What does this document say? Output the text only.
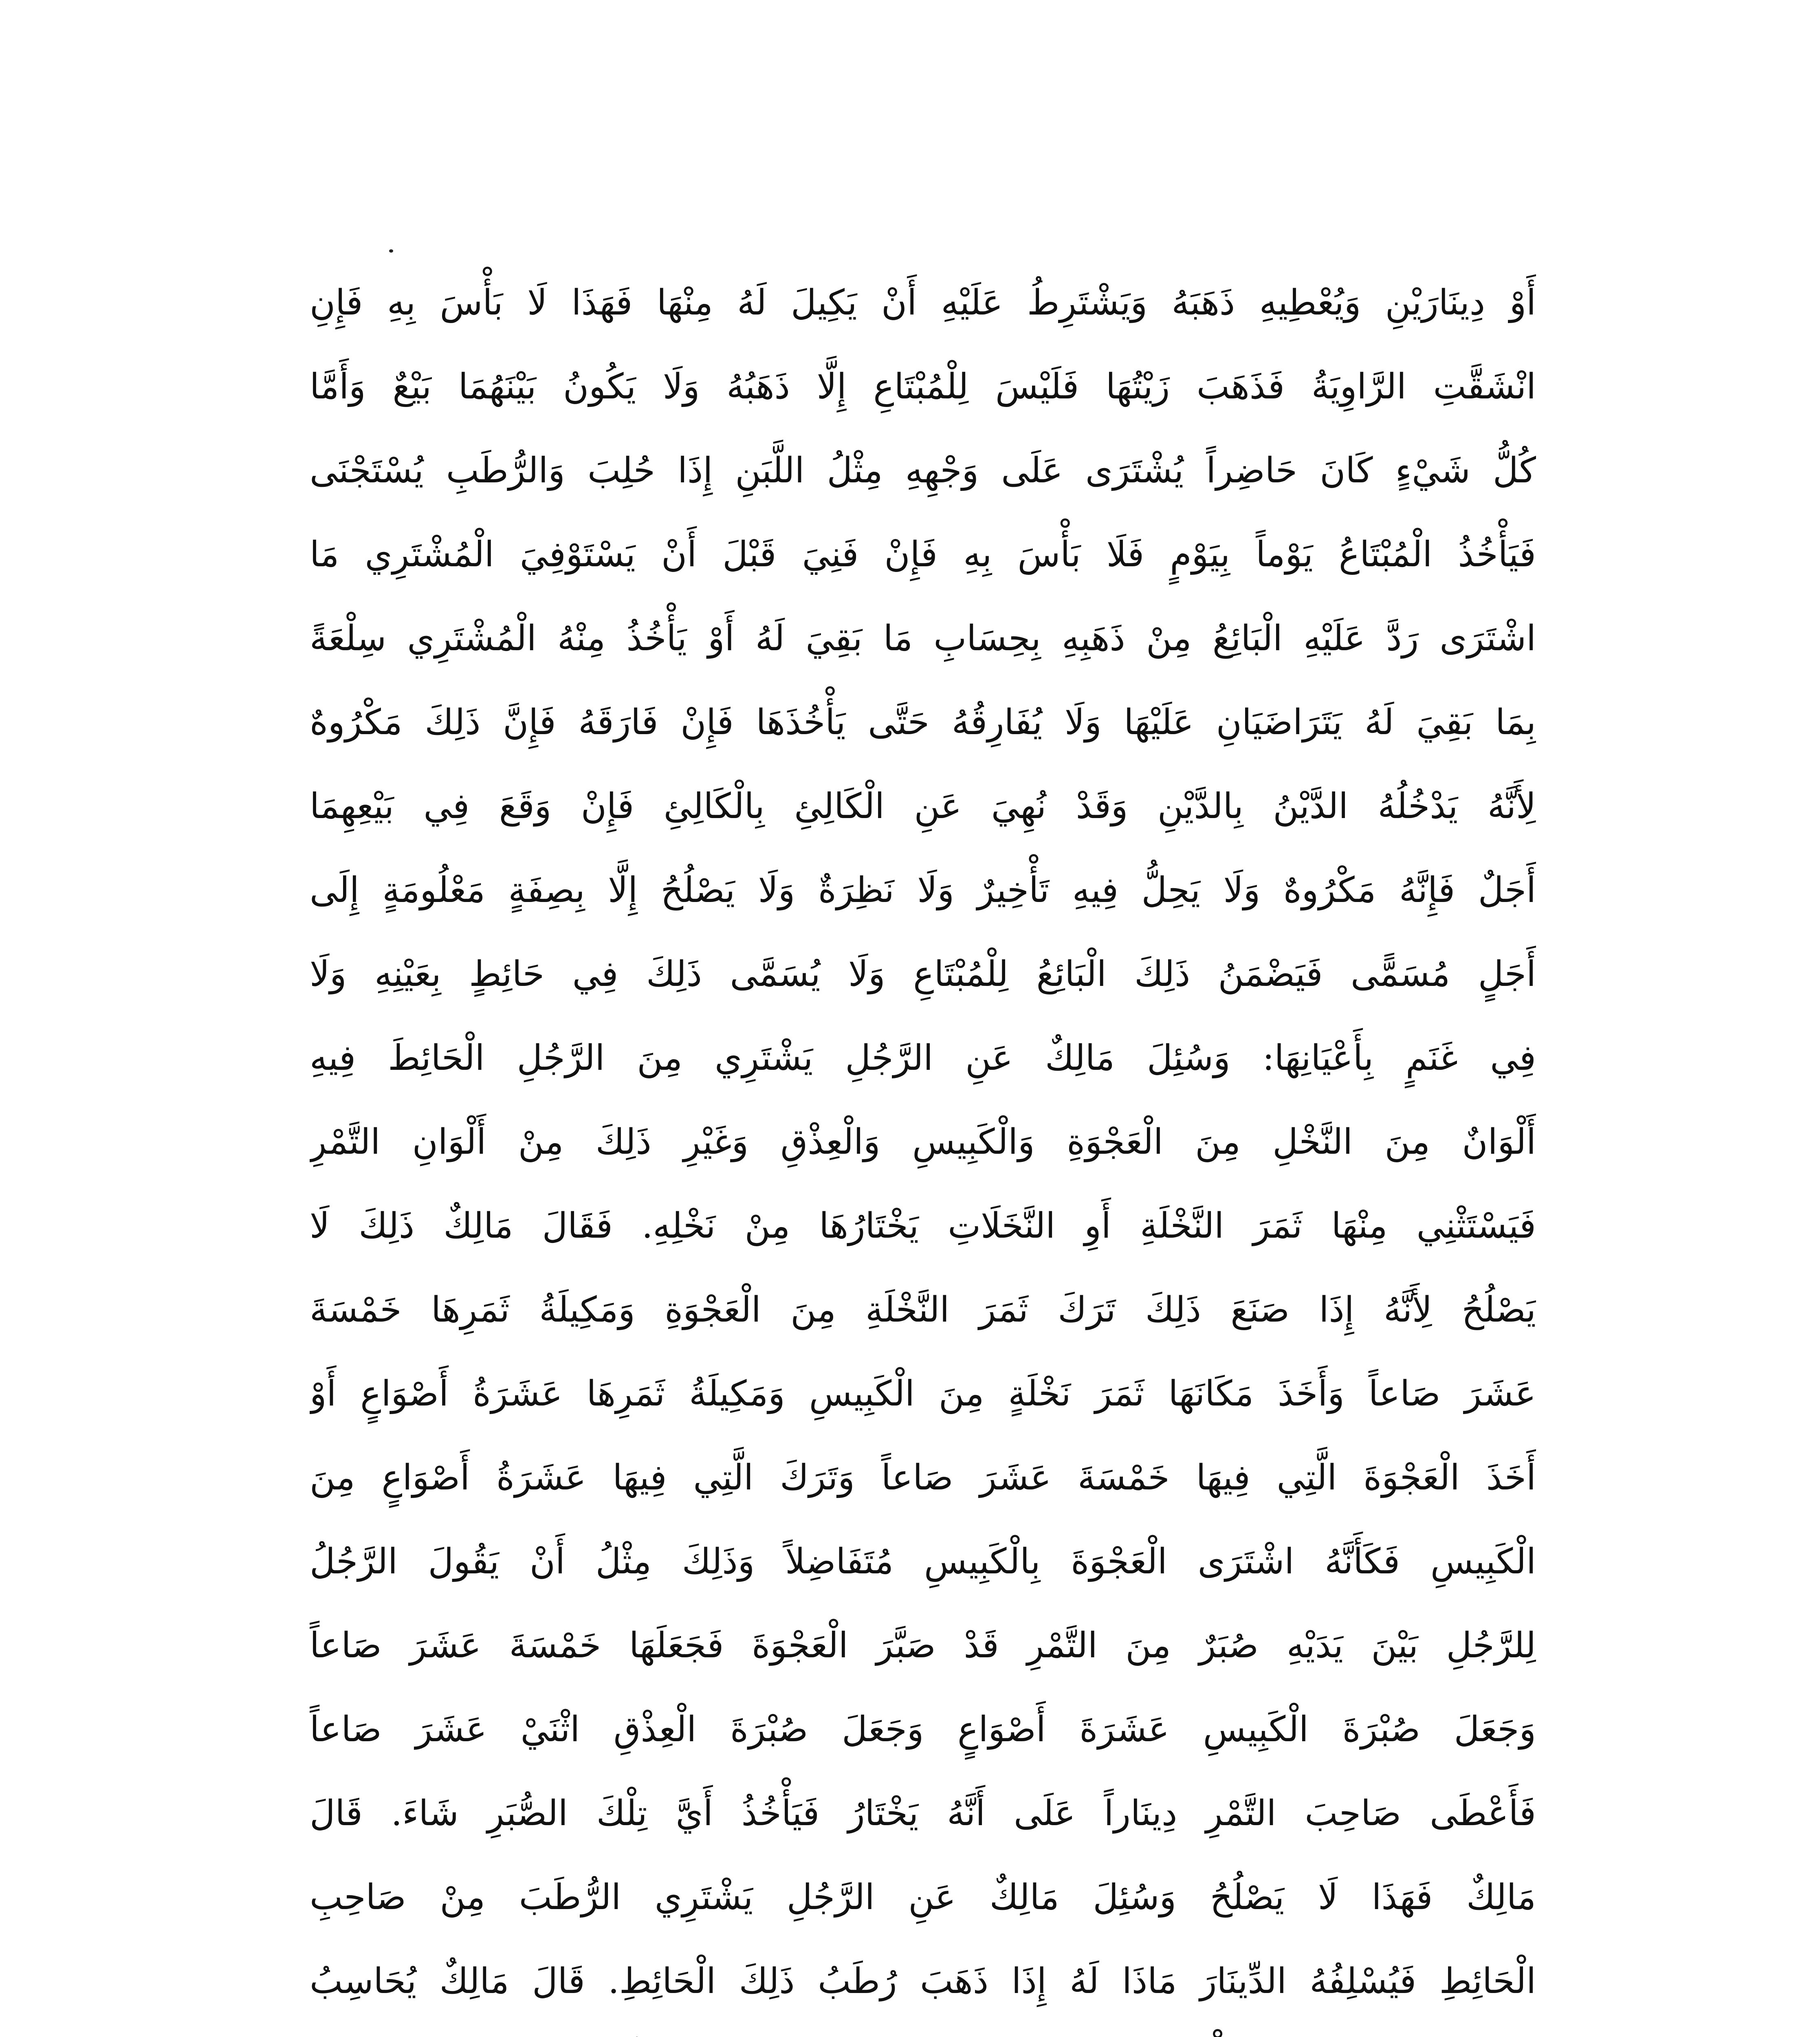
أَوْ دِينَارَيْنِ وَيُعْطِيهِ ذَهَبَهُ وَيَشْتَرِطُ عَلَيْهِ أَنْ يَكِيلَ لَهُ مِنْهَا فَهَذَا لَا بَأْسَ بِهِ فَإِنِ
انْشَقَّتِ الرَّاوِيَةُ فَذَهَبَ زَيْتُهَا فَلَيْسَ لِلْمُبْتَاعِ إِلَّا ذَهَبُهُ وَلَا يَكُونُ بَيْنَهُمَا بَيْعٌ وَأَمَّا
كُلُّ شَيْءٍ كَانَ حَاضِراً يُشْتَرَى عَلَى وَجْهِهِ مِثْلُ اللَّبَنِ إِذَا حُلِبَ وَالرُّطَبِ يُسْتَجْنَى
فَيَأْخُذُ الْمُبْتَاعُ يَوْماً بِيَوْمٍ فَلَا بَأْسَ بِهِ فَإِنْ فَنِيَ قَبْلَ أَنْ يَسْتَوْفِيَ الْمُشْتَرِي مَا
اشْتَرَى رَدَّ عَلَيْهِ الْبَائِعُ مِنْ ذَهَبِهِ بِحِسَابِ مَا بَقِيَ لَهُ أَوْ يَأْخُذُ مِنْهُ الْمُشْتَرِي سِلْعَةً
بِمَا بَقِيَ لَهُ يَتَرَاضَيَانِ عَلَيْهَا وَلَا يُفَارِقُهُ حَتَّى يَأْخُذَهَا فَإِنْ فَارَقَهُ فَإِنَّ ذَلِكَ مَكْرُوهٌ
لِأَنَّهُ يَدْخُلُهُ الدَّيْنُ بِالدَّيْنِ وَقَدْ نُهِيَ عَنِ الْكَالِئِ بِالْكَالِئِ فَإِنْ وَقَعَ فِي بَيْعِهِمَا
أَجَلٌ فَإِنَّهُ مَكْرُوهٌ وَلَا يَحِلُّ فِيهِ تَأْخِيرٌ وَلَا نَظِرَةٌ وَلَا يَصْلُحُ إِلَّا بِصِفَةٍ مَعْلُومَةٍ إِلَى
أَجَلٍ مُسَمًّى فَيَضْمَنُ ذَلِكَ الْبَائِعُ لِلْمُبْتَاعِ وَلَا يُسَمَّى ذَلِكَ فِي حَائِطٍ بِعَيْنِهِ وَلَا
فِي غَنَمٍ بِأَعْيَانِهَا: وَسُئِلَ مَالِكٌ عَنِ الرَّجُلِ يَشْتَرِي مِنَ الرَّجُلِ الْحَائِطَ فِيهِ
أَلْوَانٌ مِنَ النَّخْلِ مِنَ الْعَجْوَةِ وَالْكَبِيسِ وَالْعِذْقِ وَغَيْرِ ذَلِكَ مِنْ أَلْوَانِ التَّمْرِ
فَيَسْتَثْنِي مِنْهَا ثَمَرَ النَّخْلَةِ أَوِ النَّخَلَاتِ يَخْتَارُهَا مِنْ نَخْلِهِ. فَقَالَ مَالِكٌ ذَلِكَ لَا
يَصْلُحُ لِأَنَّهُ إِذَا صَنَعَ ذَلِكَ تَرَكَ ثَمَرَ النَّخْلَةِ مِنَ الْعَجْوَةِ وَمَكِيلَةُ ثَمَرِهَا خَمْسَةَ
عَشَرَ صَاعاً وَأَخَذَ مَكَانَهَا ثَمَرَ نَخْلَةٍ مِنَ الْكَبِيسِ وَمَكِيلَةُ ثَمَرِهَا عَشَرَةُ أَصْوَاعٍ أَوْ
أَخَذَ الْعَجْوَةَ الَّتِي فِيهَا خَمْسَةَ عَشَرَ صَاعاً وَتَرَكَ الَّتِي فِيهَا عَشَرَةُ أَصْوَاعٍ مِنَ
الْكَبِيسِ فَكَأَنَّهُ اشْتَرَى الْعَجْوَةَ بِالْكَبِيسِ مُتَفَاضِلاً وَذَلِكَ مِثْلُ أَنْ يَقُولَ الرَّجُلُ
لِلرَّجُلِ بَيْنَ يَدَيْهِ صُبَرٌ مِنَ التَّمْرِ قَدْ صَبَّرَ الْعَجْوَةَ فَجَعَلَهَا خَمْسَةَ عَشَرَ صَاعاً
وَجَعَلَ صُبْرَةَ الْكَبِيسِ عَشَرَةَ أَصْوَاعٍ وَجَعَلَ صُبْرَةَ الْعِذْقِ اثْنَيْ عَشَرَ صَاعاً
فَأَعْطَى صَاحِبَ التَّمْرِ دِينَاراً عَلَى أَنَّهُ يَخْتَارُ فَيَأْخُذُ أَيَّ تِلْكَ الصُّبَرِ شَاءَ. قَالَ
مَالِكٌ فَهَذَا لَا يَصْلُحُ وَسُئِلَ مَالِكٌ عَنِ الرَّجُلِ يَشْتَرِي الرُّطَبَ مِنْ صَاحِبِ
الْحَائِطِ فَيُسْلِفُهُ الدِّينَارَ مَاذَا لَهُ إِذَا ذَهَبَ رُطَبُ ذَلِكَ الْحَائِطِ. قَالَ مَالِكٌ يُحَاسِبُ
